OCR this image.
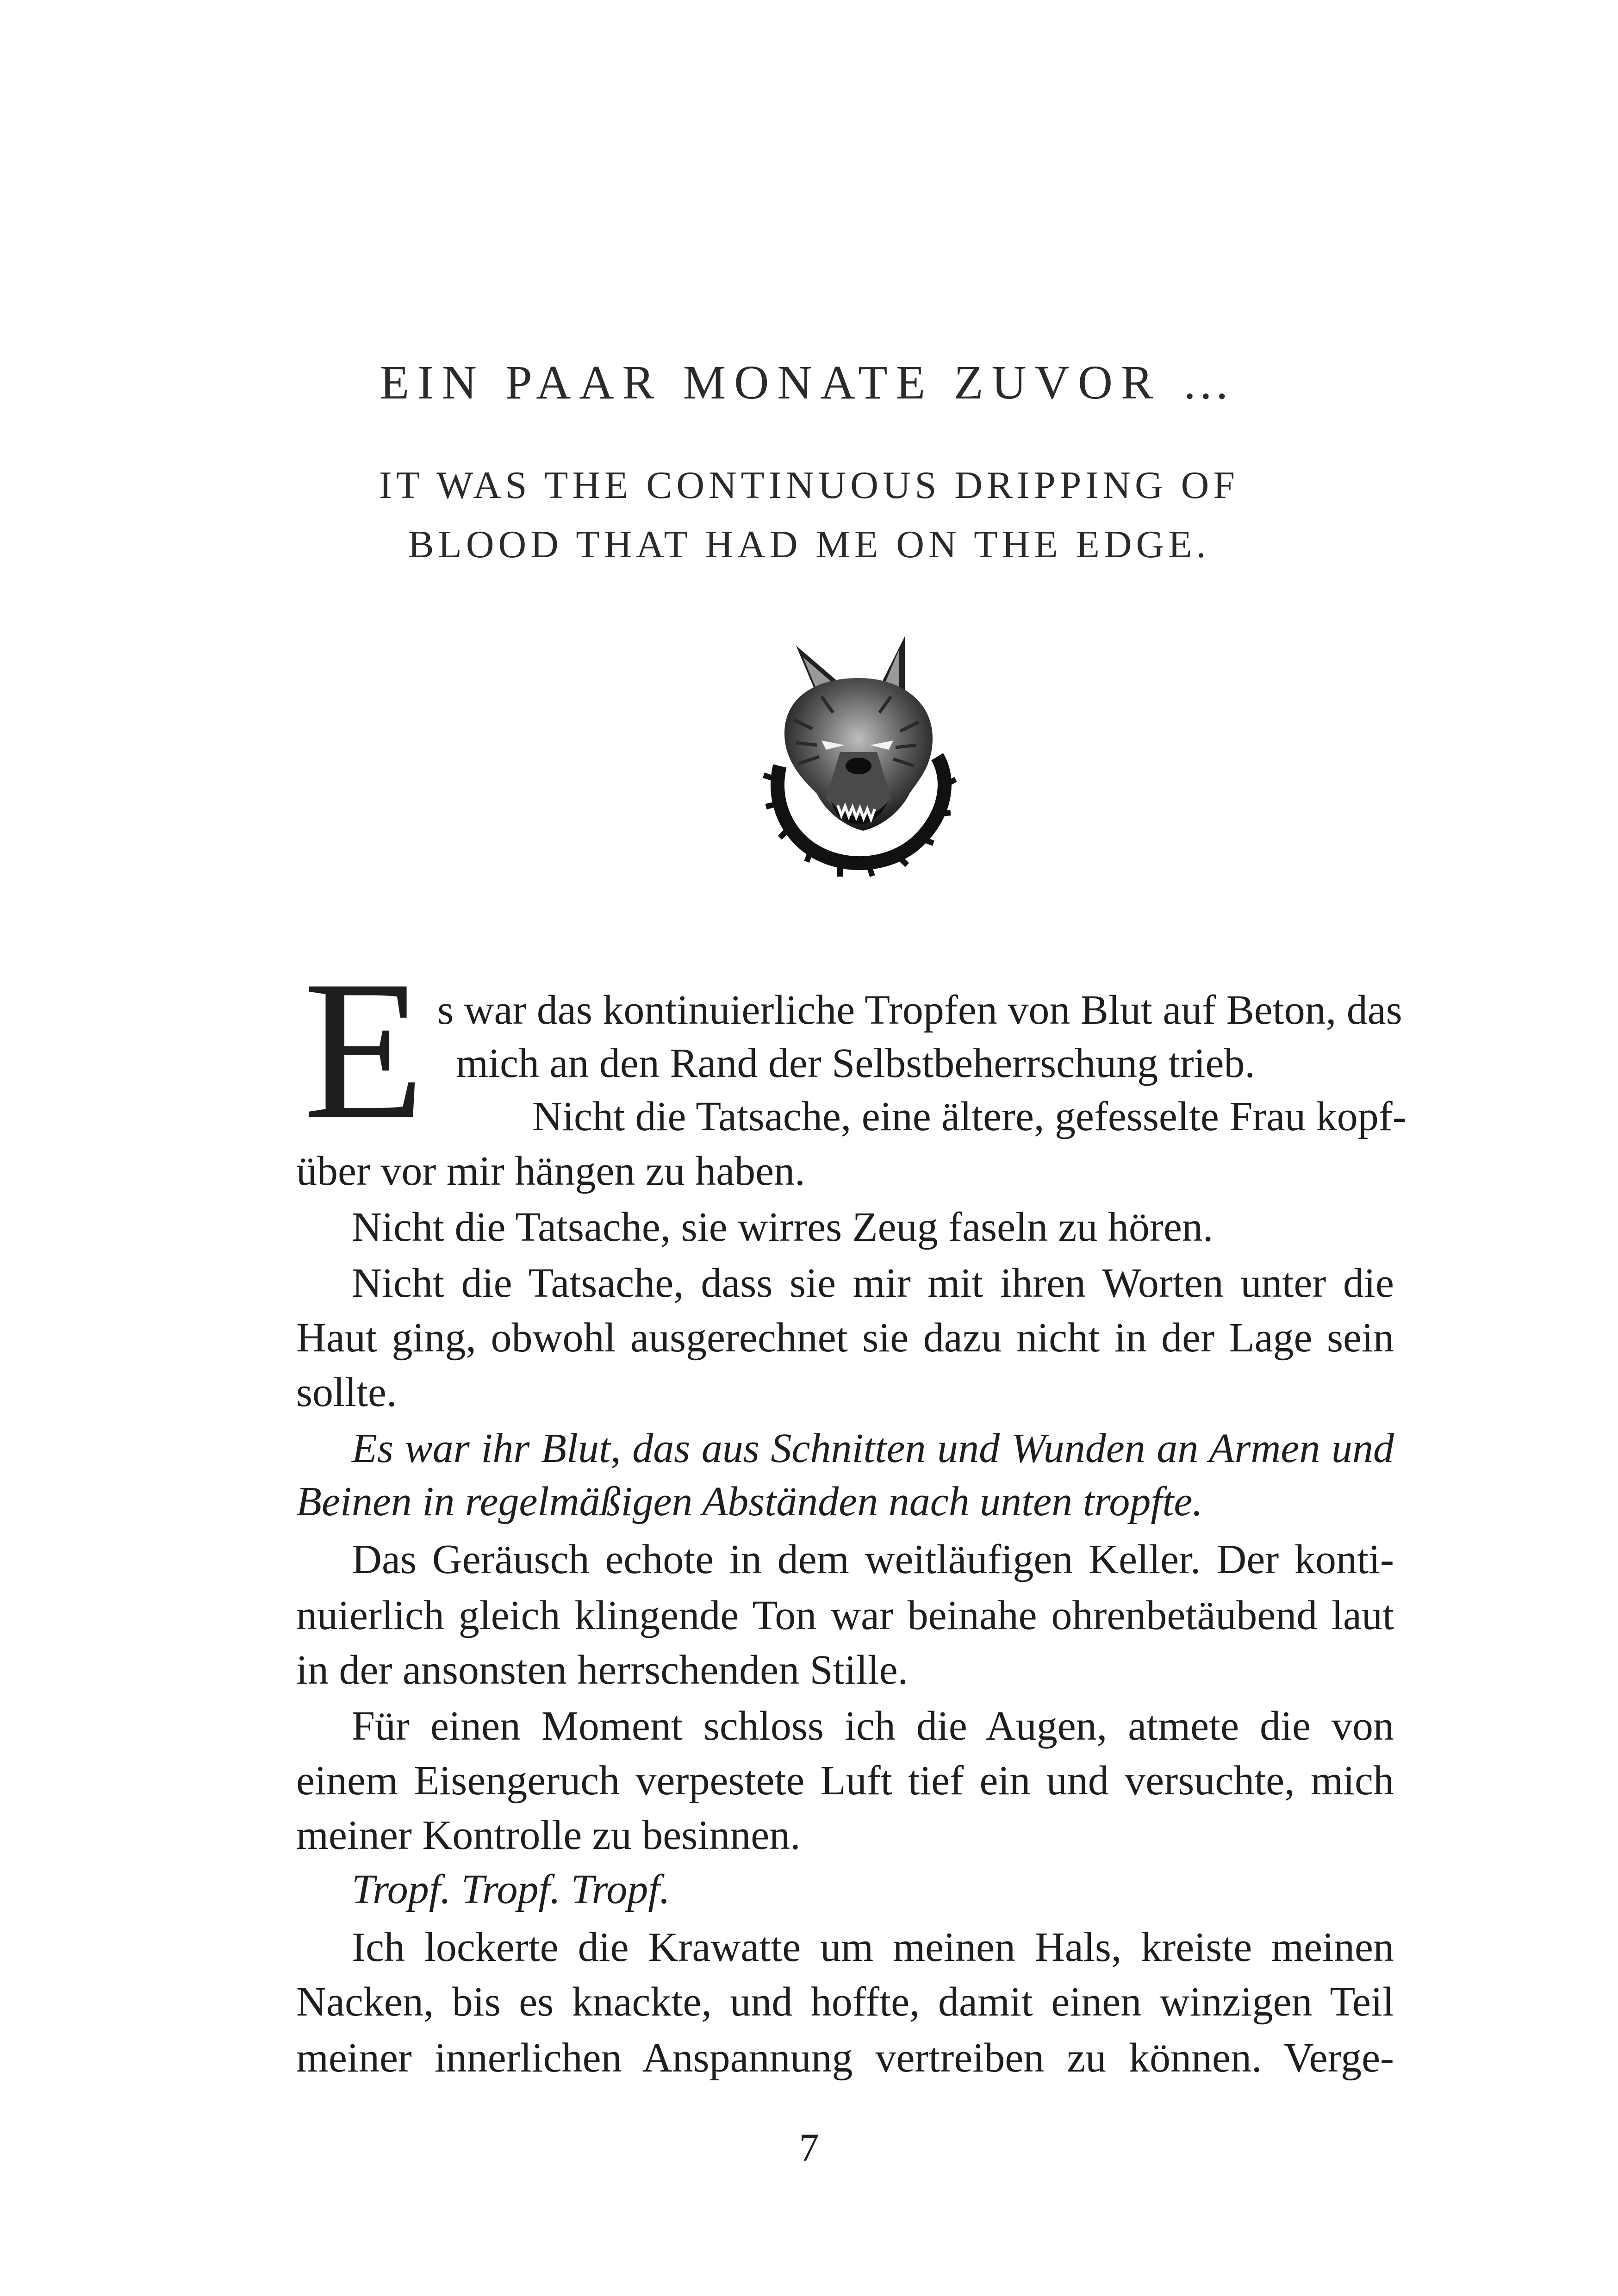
EIN PAAR MONATE ZUVOR …
IT WAS THE CONTINUOUS DRIPPING OF
BLOOD THAT HAD ME ON THE EDGE.
E s war das kontinuierliche Tropfen von Blut auf Beton, das
mich an den Rand der Selbstbeherrschung trieb.
Nicht die Tatsache, eine ältere, gefesselte Frau kopf-
über vor mir hängen zu haben.
Nicht die Tatsache, sie wirres Zeug faseln zu hören.
Nicht die Tatsache, dass sie mir mit ihren Worten unter die
Haut ging, obwohl ausgerechnet sie dazu nicht in der Lage sein
sollte.
Es war ihr Blut, das aus Schnitten und Wunden an Armen und
Beinen in regelmäßigen Abständen nach unten tropfte.
Das Geräusch echote in dem weitläufigen Keller. Der konti-
nuierlich gleich klingende Ton war beinahe ohrenbetäubend laut
in der ansonsten herrschenden Stille.
Für einen Moment schloss ich die Augen, atmete die von
einem Eisengeruch verpestete Luft tief ein und versuchte, mich
meiner Kontrolle zu besinnen.
Tropf. Tropf. Tropf.
Ich lockerte die Krawatte um meinen Hals, kreiste meinen
Nacken, bis es knackte, und hoffte, damit einen winzigen Teil
meiner innerlichen Anspannung vertreiben zu können. Verge-
7
